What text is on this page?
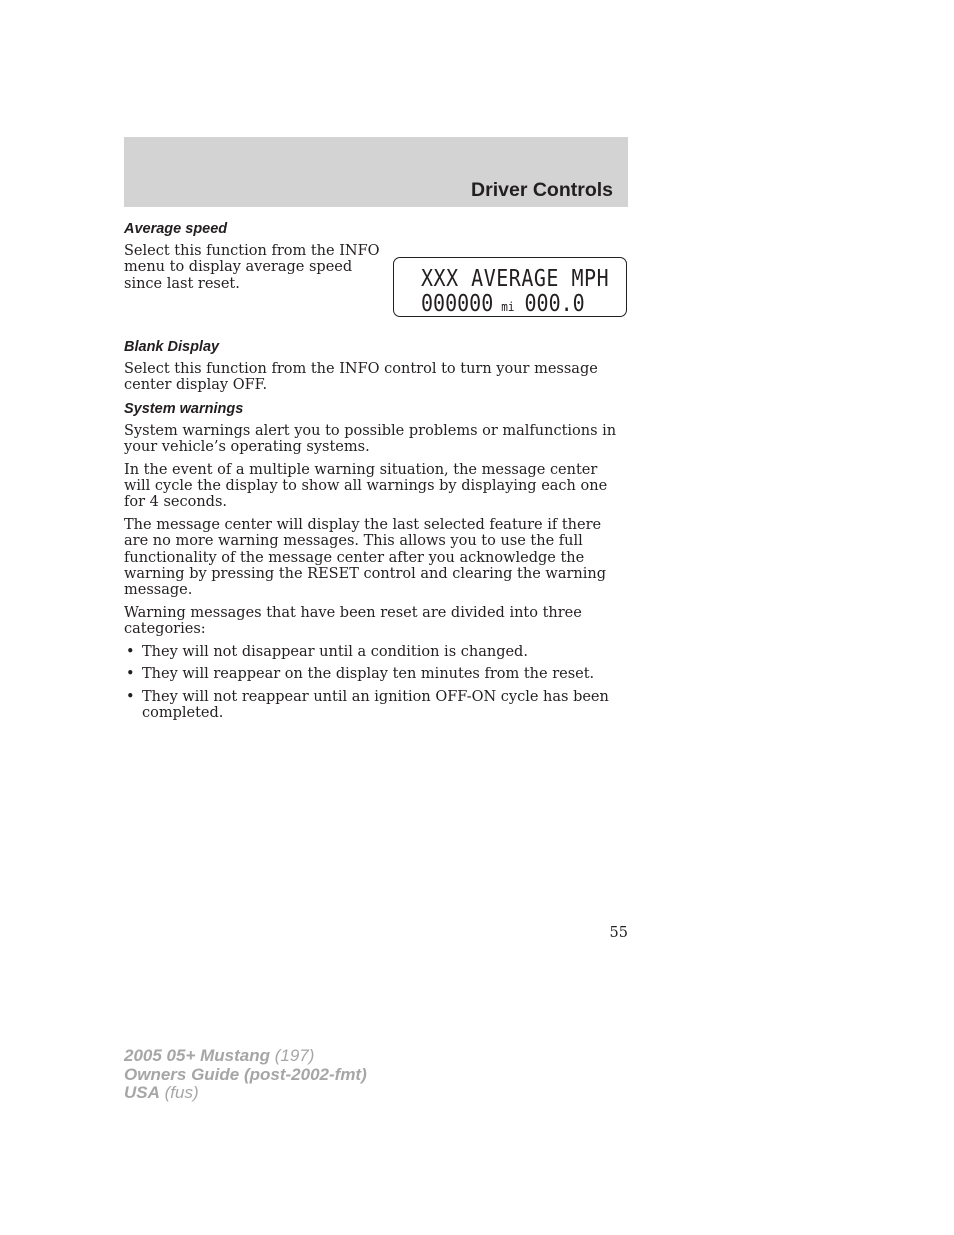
Driver Controls
Average speed

Select this function from the INFO menu to display average speed since last reset.	XXX AVERAGE MPH
000000 mi 000.0
Blank Display

Select this function from the INFO control to turn your message center display OFF.

System warnings

System warnings alert you to possible problems or malfunctions in your vehicle’s operating systems.

In the event of a multiple warning situation, the message center will cycle the display to show all warnings by displaying each one for 4 seconds.

The message center will display the last selected feature if there are no more warning messages. This allows you to use the full functionality of the message center after you acknowledge the warning by pressing the RESET control and clearing the warning message.

Warning messages that have been reset are divided into three categories:

• They will not disappear until a condition is changed.
• They will reappear on the display ten minutes from the reset.
• They will not reappear until an ignition OFF-ON cycle has been completed.
55
2005 05+ Mustang (197)
Owners Guide (post-2002-fmt)
USA (fus)
